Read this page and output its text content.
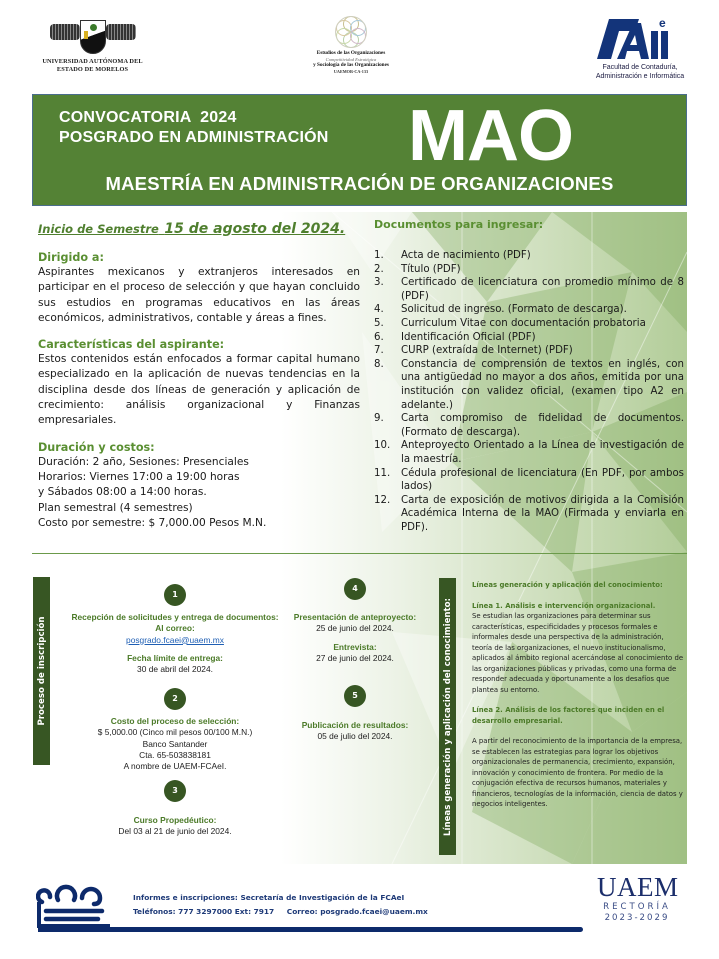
UNIVERSIDAD AUTÓNOMA DEL
ESTADO DE MORELOS
Estudios de las Organizaciones
Competitividad Estratégica
y Sociología de las Organizaciones
UAEMOR-CA-133
e
Facultad de Contaduría,
Administración e Informática
CONVOCATORIA  2024
POSGRADO EN ADMINISTRACIÓN MAO
MAESTRÍA EN ADMINISTRACIÓN DE ORGANIZACIONES
Inicio de Semestre 15 de agosto del 2024.
Dirigido a:
Aspirantes mexicanos y extranjeros interesados en participar en el proceso de selección y que hayan concluido sus estudios en programas educativos en las áreas económicos, administrativos, contable y áreas a fines.
Características del aspirante:
Estos contenidos están enfocados a formar capital humano especializado en la aplicación de nuevas tendencias en la disciplina desde dos líneas de generación y aplicación de crecimiento: análisis organizacional y Finanzas empresariales.
Duración y costos:
Duración: 2 año, Sesiones: Presenciales
Horarios: Viernes 17:00 a 19:00 horas
y Sábados 08:00 a 14:00 horas.
Plan semestral (4 semestres)
Costo por semestre: $ 7,000.00 Pesos M.N.
Documentos para ingresar:
1.	Acta de nacimiento (PDF)
2.	Título (PDF)
3.	Certificado de licenciatura con promedio mínimo de 8 (PDF)
4.	Solicitud de ingreso. (Formato de descarga).
5.	Curriculum Vitae con documentación probatoria
6.	Identificación Oficial (PDF)
7.	CURP (extraída de Internet) (PDF)
8.	Constancia de comprensión de textos en inglés, con una antigüedad no mayor a dos años, emitida por una institución con validez oficial, (examen tipo A2 en adelante.)
9.	Carta compromiso de fidelidad de documentos. (Formato de descarga).
10.	Anteproyecto Orientado a la Línea de investigación de la maestría.
11.	Cédula profesional de licenciatura (En PDF, por ambos lados)
12.	Carta de exposición de motivos dirigida a la Comisión Académica Interna de la MAO (Firmada y enviarla en PDF).
Proceso de inscripción
1
Recepción de solicitudes y entrega de documentos:
Al correo:
posgrado.fcaei@uaem.mx
Fecha límite de entrega:
30 de abril del 2024.
2
Costo del proceso de selección:
$ 5,000.00 (Cinco mil pesos 00/100 M.N.)
Banco Santander
Cta. 65-503838181
A nombre de UAEM-FCAeI.
3
Curso Propedéutico:
Del 03 al 21 de junio del 2024.
4
Presentación de anteproyecto:
25 de junio del 2024.
Entrevista:
27 de junio del 2024.
5
Publicación de resultados:
05 de julio del 2024.	Líneas generación y aplicación del conocimiento:
Líneas generación y aplicación del conocimiento:
Línea 1. Análisis e intervención organizacional.
Se estudian las organizaciones para determinar sus características, especificidades y procesos formales e informales desde una perspectiva de la administración, teoría de las organizaciones, el nuevo institucionalismo, aplicados al ámbito regional acercándose al conocimiento de las organizaciones públicas y privadas, como una forma de responder adecuada y oportunamente a los desafíos que plantea su entorno.
Línea 2. Análisis de los factores que inciden en el desarrollo empresarial.
A partir del reconocimiento de la importancia de la empresa, se establecen las estrategias para lograr los objetivos organizacionales de permanencia, crecimiento, expansión, innovación y conocimiento de frontera. Por medio de la conjugación efectiva de recursos humanos, materiales y financieros, tecnologías de la información, ciencia de datos y negocios inteligentes.
Informes e inscripciones: Secretaría de Investigación de la FCAeI
Teléfonos: 777 3297000 Ext: 7917 Correo: posgrado.fcaei@uaem.mx
UAEM
RECTORÍA
2023-2029
